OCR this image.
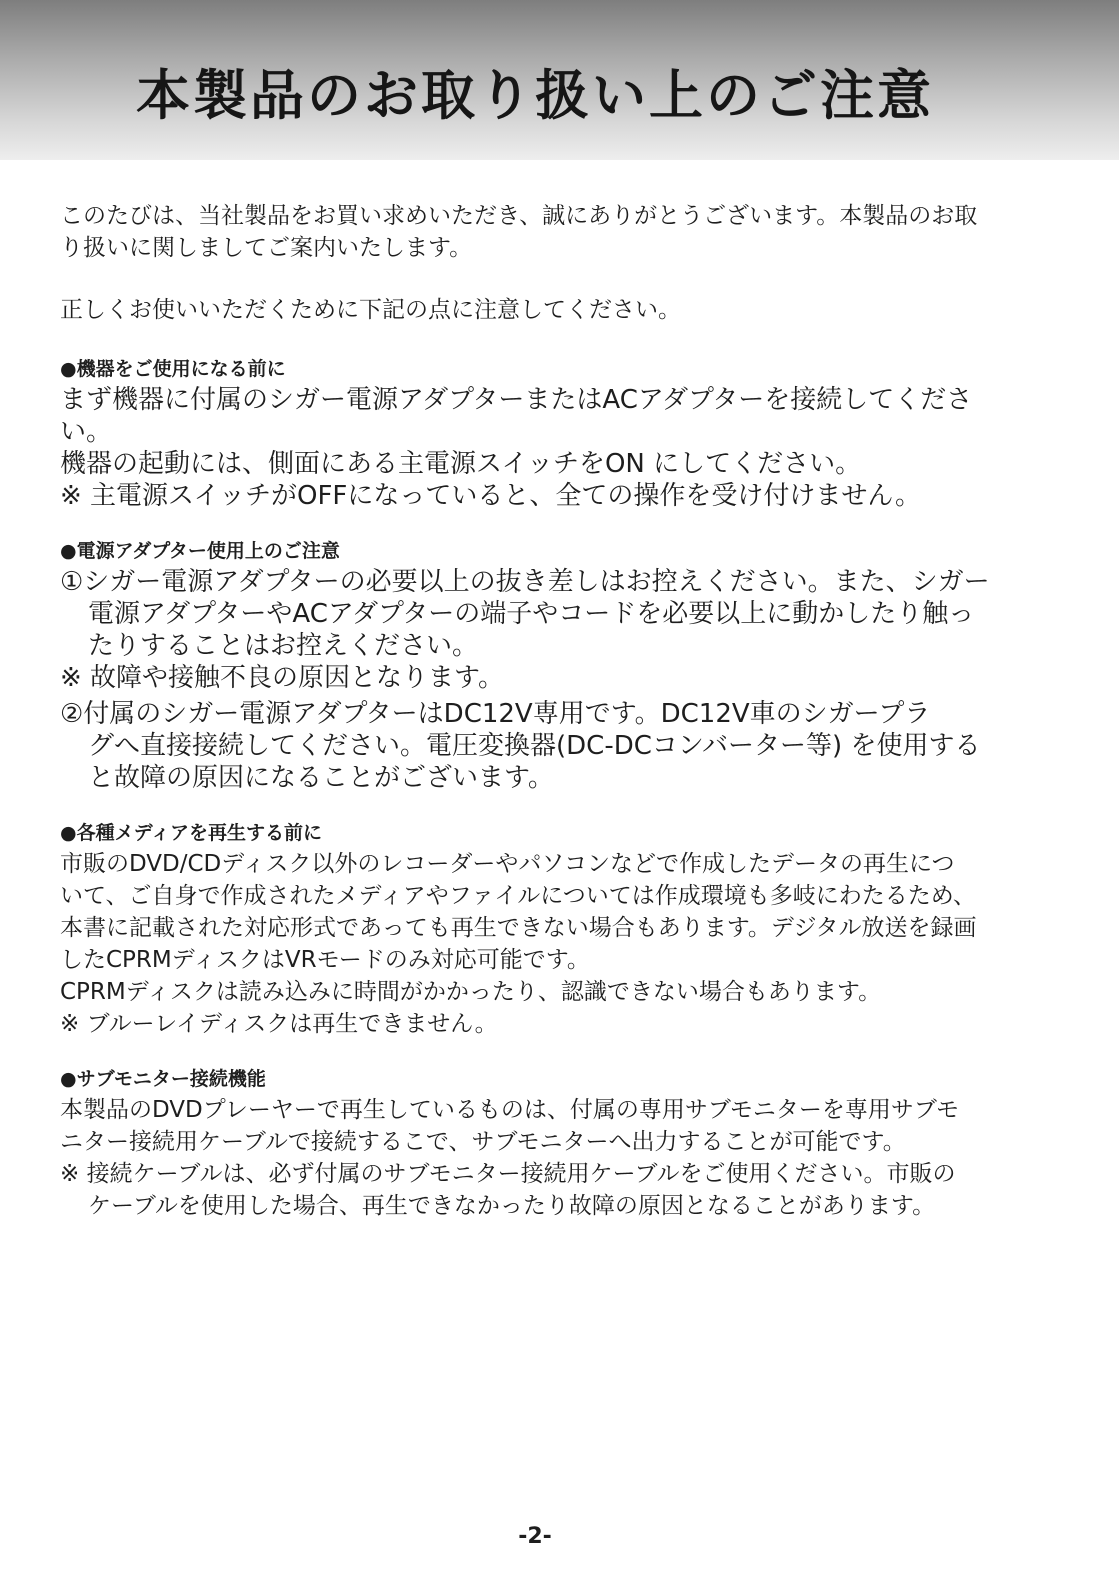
本製品のお取り扱い上のご注意

このたびは、当社製品をお買い求めいただき、誠にありがとうございます。本製品のお取

り扱いに関しましてご案内いたします。

正しくお使いいただくために下記の点に注意してください。

●機器をご使用になる前に

まず機器に付属のシガー電源アダプターまたはACアダプターを接続してくださ

い。

機器の起動には、側面にある主電源スイッチをON にしてください。

※ 主電源スイッチがOFFになっていると、全ての操作を受け付けません。

●電源アダプター使用上のご注意

①シガー電源アダプターの必要以上の抜き差しはお控えください。また、シガー

電源アダプターやACアダプターの端子やコードを必要以上に動かしたり触っ

たりすることはお控えください。

※ 故障や接触不良の原因となります。

②付属のシガー電源アダプターはDC12V専用です。DC12V車のシガープラ

グへ直接接続してください。電圧変換器(DC-DCコンバーター等) を使用する

と故障の原因になることがございます。

●各種メディアを再生する前に

市販のDVD/CDディスク以外のレコーダーやパソコンなどで作成したデータの再生につ

いて、ご自身で作成されたメディアやファイルについては作成環境も多岐にわたるため、

本書に記載された対応形式であっても再生できない場合もあります。デジタル放送を録画

したCPRMディスクはVRモードのみ対応可能です。

CPRMディスクは読み込みに時間がかかったり、認識できない場合もあります。

※ ブルーレイディスクは再生できません。

●サブモニター接続機能

本製品のDVDプレーヤーで再生しているものは、付属の専用サブモニターを専用サブモ

ニター接続用ケーブルで接続するこで、サブモニターへ出力することが可能です。

※ 接続ケーブルは、必ず付属のサブモニター接続用ケーブルをご使用ください。市販の

ケーブルを使用した場合、再生できなかったり故障の原因となることがあります。

-2-
